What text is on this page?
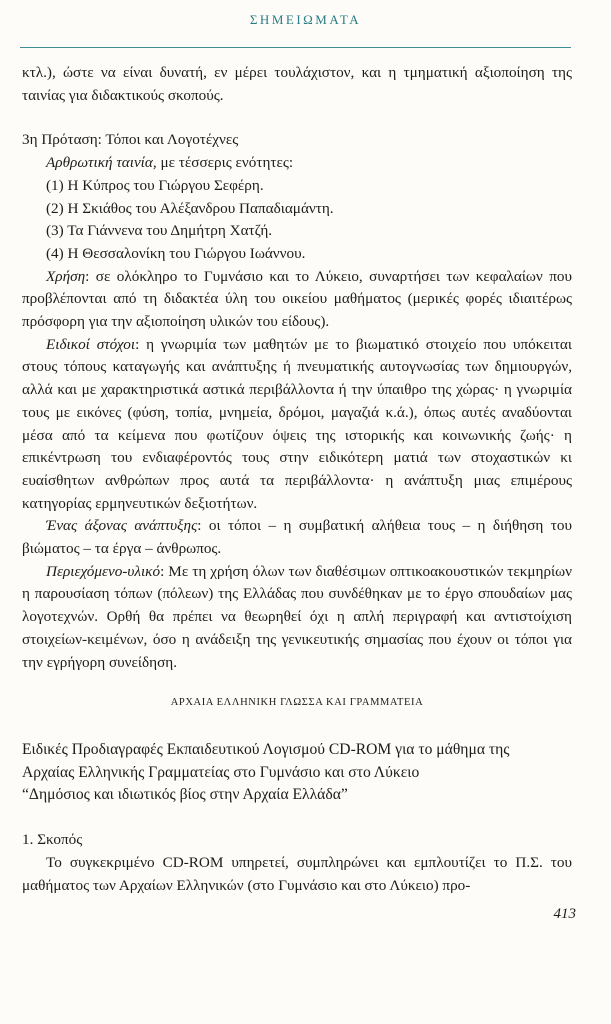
ΣΗΜΕΙΩΜΑΤΑ

κτλ.), ώστε να είναι δυνατή, εν μέρει τουλάχιστον, και η τμηματική αξιοποίηση της ταινίας για διδακτικούς σκοπούς.

3η Πρόταση: Τόποι και Λογοτέχνες

Αρθρωτική ταινία, με τέσσερις ενότητες:

(1) Η Κύπρος του Γιώργου Σεφέρη.

(2) Η Σκιάθος του Αλέξανδρου Παπαδιαμάντη.

(3) Τα Γιάννενα του Δημήτρη Χατζή.

(4) Η Θεσσαλονίκη του Γιώργου Ιωάννου.

Χρήση: σε ολόκληρο το Γυμνάσιο και το Λύκειο, συναρτήσει των κεφαλαίων που προβλέπονται από τη διδακτέα ύλη του οικείου μαθήματος (μερικές φορές ιδιαιτέρως πρόσφορη για την αξιοποίηση υλικών του είδους).

Ειδικοί στόχοι: η γνωριμία των μαθητών με το βιωματικό στοιχείο που υπόκειται στους τόπους καταγωγής και ανάπτυξης ή πνευματικής αυτογνωσίας των δημιουργών, αλλά και με χαρακτηριστικά αστικά περιβάλλοντα ή την ύπαιθρο της χώρας· η γνωριμία τους με εικόνες (φύση, τοπία, μνημεία, δρόμοι, μαγαζιά κ.ά.), όπως αυτές αναδύονται μέσα από τα κείμενα που φωτίζουν όψεις της ιστορικής και κοινωνικής ζωής· η επικέντρωση του ενδιαφέροντός τους στην ειδικότερη ματιά των στοχαστικών κι ευαίσθητων ανθρώπων προς αυτά τα περιβάλλοντα· η ανάπτυξη μιας επιμέρους κατηγορίας ερμηνευτικών δεξιοτήτων.

Ένας άξονας ανάπτυξης: οι τόποι – η συμβατική αλήθεια τους – η διήθηση του βιώματος – τα έργα – άνθρωπος.

Περιεχόμενο-υλικό: Με τη χρήση όλων των διαθέσιμων οπτικοακουστικών τεκμηρίων η παρουσίαση τόπων (πόλεων) της Ελλάδας που συνδέθηκαν με το έργο σπουδαίων μας λογοτεχνών. Ορθή θα πρέπει να θεωρηθεί όχι η απλή περιγραφή και αντιστοίχιση στοιχείων-κειμένων, όσο η ανάδειξη της γενικευτικής σημασίας που έχουν οι τόποι για την εγρήγορη συνείδηση.

ΑΡΧΑΙΑ ΕΛΛΗΝΙΚΗ ΓΛΩΣΣΑ ΚΑΙ ΓΡΑΜΜΑΤΕΙΑ

Ειδικές Προδιαγραφές Εκπαιδευτικού Λογισμού CD-ROM για το μάθημα της

Αρχαίας Ελληνικής Γραμματείας στο Γυμνάσιο και στο Λύκειο

“Δημόσιος και ιδιωτικός βίος στην Αρχαία Ελλάδα”

1. Σκοπός

Το συγκεκριμένο CD-ROM υπηρετεί, συμπληρώνει και εμπλουτίζει το Π.Σ. του μαθήματος των Αρχαίων Ελληνικών (στο Γυμνάσιο και στο Λύκειο) προ-

413
